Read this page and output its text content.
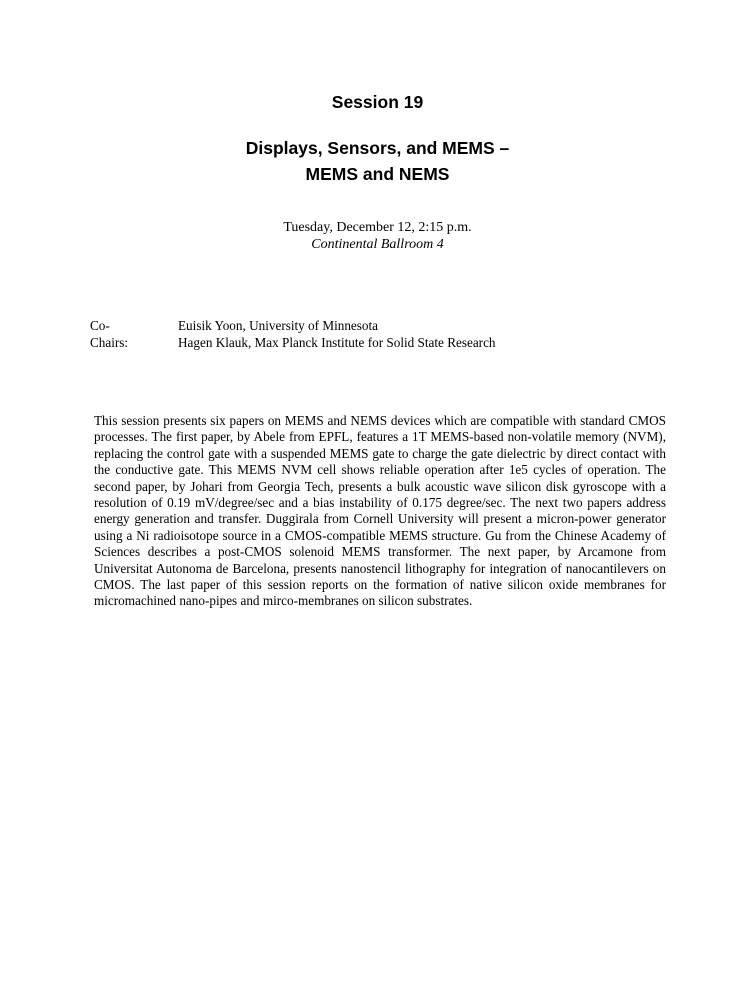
Session 19
Displays, Sensors, and MEMS –
MEMS and NEMS
Tuesday, December 12, 2:15 p.m.
Continental Ballroom 4
Co-Chairs:
Euisik Yoon, University of Minnesota
Hagen Klauk, Max Planck Institute for Solid State Research
This session presents six papers on MEMS and NEMS devices which are compatible with standard CMOS processes. The first paper, by Abele from EPFL, features a 1T MEMS-based non-volatile memory (NVM), replacing the control gate with a suspended MEMS gate to charge the gate dielectric by direct contact with the conductive gate. This MEMS NVM cell shows reliable operation after 1e5 cycles of operation. The second paper, by Johari from Georgia Tech, presents a bulk acoustic wave silicon disk gyroscope with a resolution of 0.19 mV/degree/sec and a bias instability of 0.175 degree/sec. The next two papers address energy generation and transfer. Duggirala from Cornell University will present a micron-power generator using a Ni radioisotope source in a CMOS-compatible MEMS structure. Gu from the Chinese Academy of Sciences describes a post-CMOS solenoid MEMS transformer. The next paper, by Arcamone from Universitat Autonoma de Barcelona, presents nanostencil lithography for integration of nanocantilevers on CMOS. The last paper of this session reports on the formation of native silicon oxide membranes for micromachined nano-pipes and mirco-membranes on silicon substrates.
